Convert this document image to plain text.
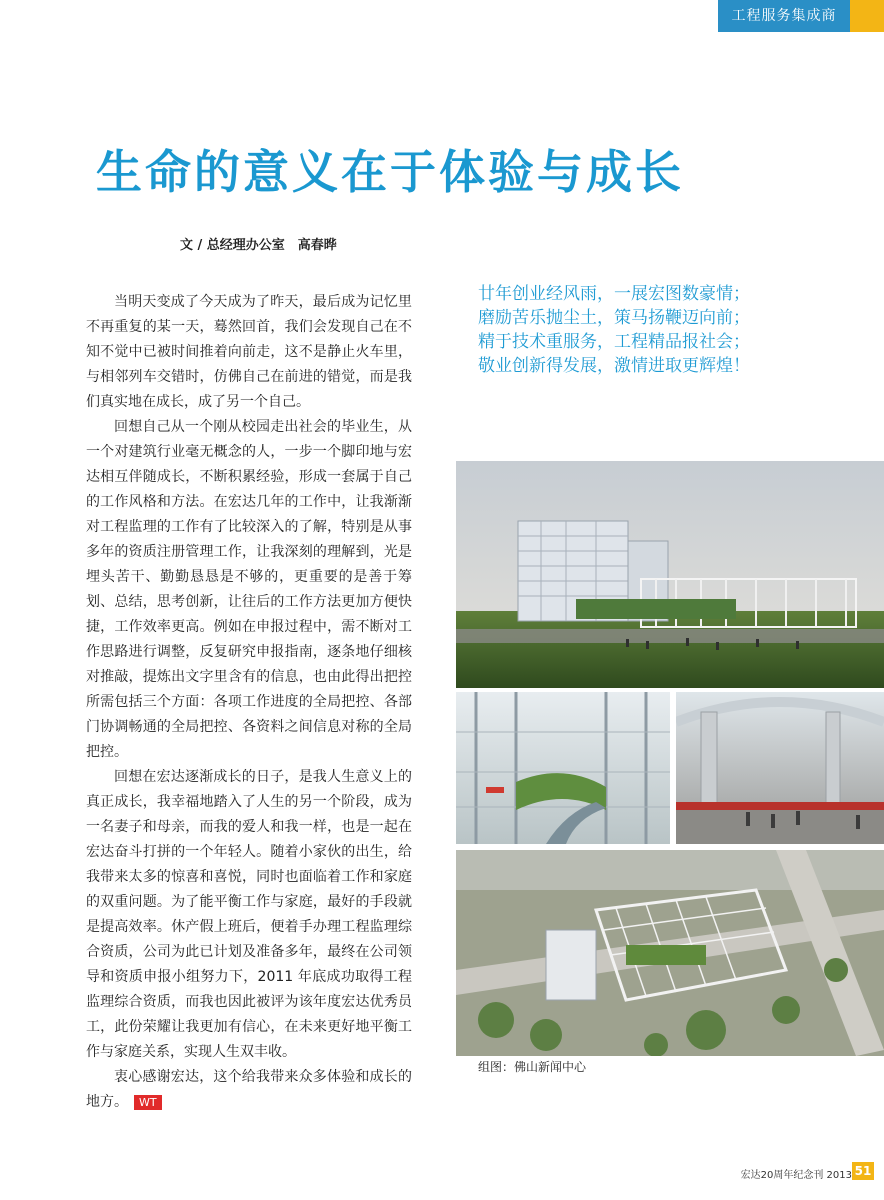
工程服务集成商
生命的意义在于体验与成长
文 / 总经理办公室　高春晔

当明天变成了今天成为了昨天，最后成为记忆里不再重复的某一天，蓦然回首，我们会发现自己在不知不觉中已被时间推着向前走，这不是静止火车里，与相邻列车交错时，仿佛自己在前进的错觉，而是我们真实地在成长，成了另一个自己。

回想自己从一个刚从校园走出社会的毕业生，从一个对建筑行业毫无概念的人，一步一个脚印地与宏达相互伴随成长，不断积累经验，形成一套属于自己的工作风格和方法。在宏达几年的工作中，让我渐渐对工程监理的工作有了比较深入的了解，特别是从事多年的资质注册管理工作，让我深刻的理解到，光是埋头苦干、勤勤恳恳是不够的，更重要的是善于筹划、总结，思考创新，让往后的工作方法更加方便快捷，工作效率更高。例如在申报过程中，需不断对工作思路进行调整，反复研究申报指南，逐条地仔细核对推敲，提炼出文字里含有的信息，也由此得出把控所需包括三个方面：各项工作进度的全局把控、各部门协调畅通的全局把控、各资料之间信息对称的全局把控。

回想在宏达逐渐成长的日子，是我人生意义上的真正成长，我幸福地踏入了人生的另一个阶段，成为一名妻子和母亲，而我的爱人和我一样，也是一起在宏达奋斗打拼的一个年轻人。随着小家伙的出生，给我带来太多的惊喜和喜悦，同时也面临着工作和家庭的双重问题。为了能平衡工作与家庭，最好的手段就是提高效率。休产假上班后，便着手办理工程监理综合资质，公司为此已计划及准备多年，最终在公司领导和资质申报小组努力下，2011 年底成功取得工程监理综合资质，而我也因此被评为该年度宏达优秀员工，此份荣耀让我更加有信心，在未来更好地平衡工作与家庭关系，实现人生双丰收。

衷心感谢宏达，这个给我带来众多体验和成长的地方。 WT

廿年创业经风雨，一展宏图数豪情；
磨励苦乐抛尘土，策马扬鞭迈向前；
精于技术重服务，工程精品报社会；
敬业创新得发展，激情进取更辉煌！
组图：佛山新闻中心
宏达20周年纪念刊 2013 51
